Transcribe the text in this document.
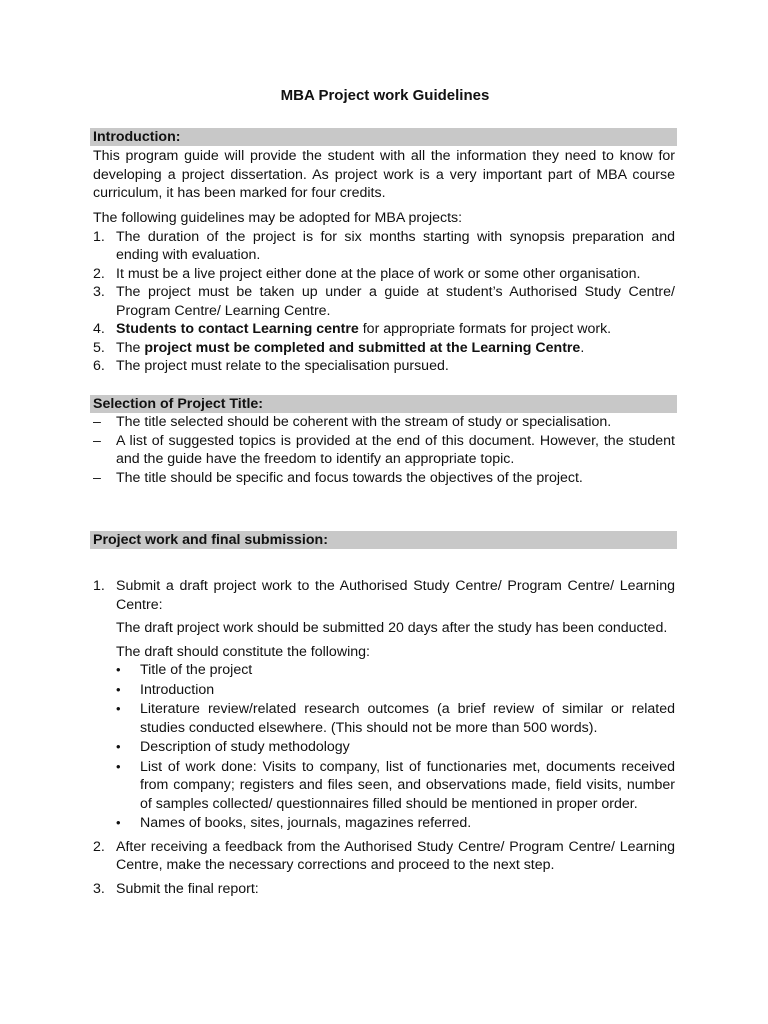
MBA Project work Guidelines
Introduction:

This program guide will provide the student with all the information they need to know for developing a project dissertation. As project work is a very important part of MBA course curriculum, it has been marked for four credits.

The following guidelines may be adopted for MBA projects:

1. The duration of the project is for six months starting with synopsis preparation and ending with evaluation.
2. It must be a live project either done at the place of work or some other organisation.
3. The project must be taken up under a guide at student’s Authorised Study Centre/ Program Centre/ Learning Centre.
4. Students to contact Learning centre for appropriate formats for project work.
5. The project must be completed and submitted at the Learning Centre.
6. The project must relate to the specialisation pursued.
Selection of Project Title:
–	The title selected should be coherent with the stream of study or specialisation.
–	A list of suggested topics is provided at the end of this document. However, the student and the guide have the freedom to identify an appropriate topic.
–	The title should be specific and focus towards the objectives of the project.
Project work and final submission:
1. Submit a draft project work to the Authorised Study Centre/ Program Centre/ Learning Centre:

The draft project work should be submitted 20 days after the study has been conducted.

The draft should constitute the following:

•	Title of the project
•	Introduction
•	Literature review/related research outcomes (a brief review of similar or related studies conducted elsewhere. (This should not be more than 500 words).
•	Description of study methodology
•	List of work done: Visits to company, list of functionaries met, documents received from company; registers and files seen, and observations made, field visits, number of samples collected/ questionnaires filled should be mentioned in proper order.
•	Names of books, sites, journals, magazines referred.
2. After receiving a feedback from the Authorised Study Centre/ Program Centre/ Learning Centre, make the necessary corrections and proceed to the next step.
3. Submit the final report:
